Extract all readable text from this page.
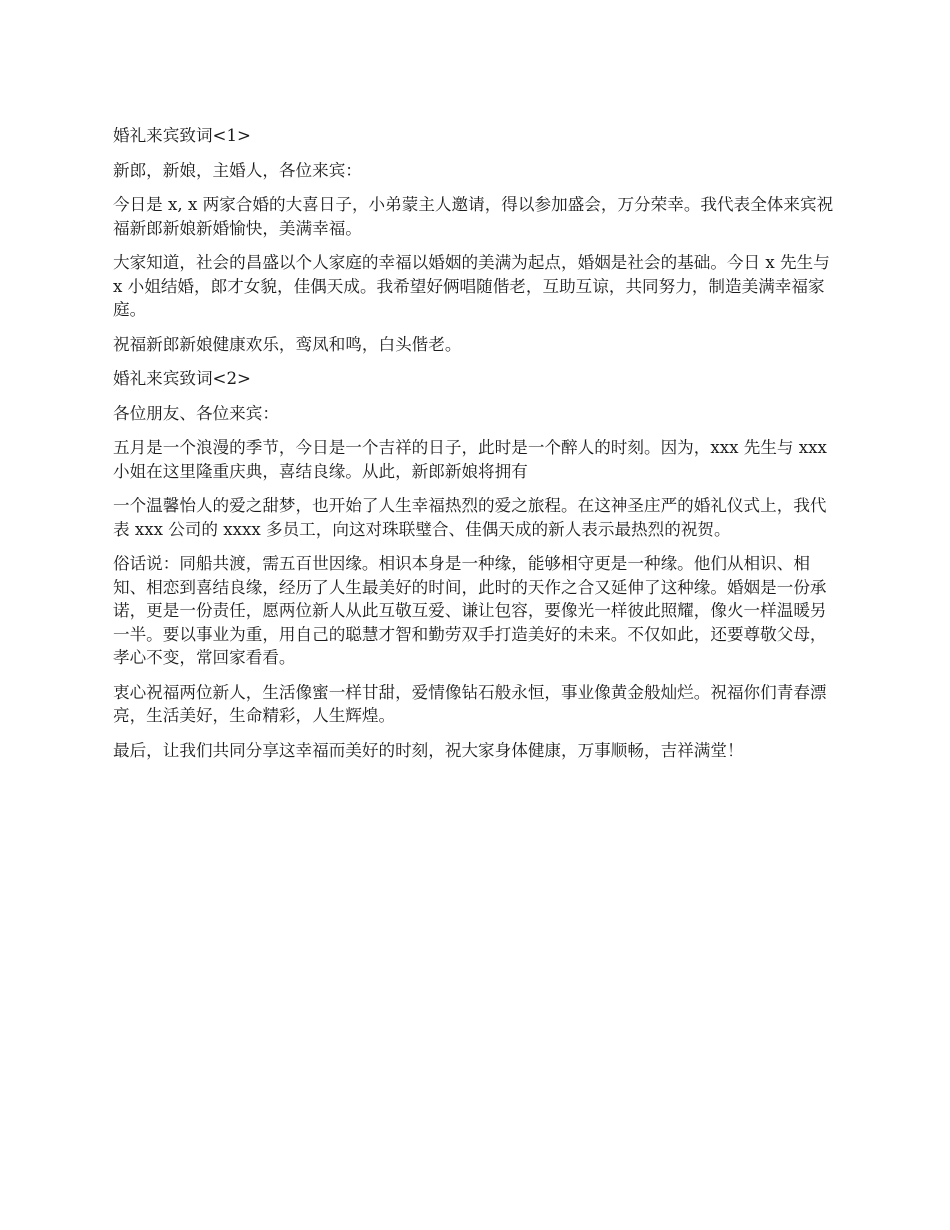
婚礼来宾致词<1>

新郎，新娘，主婚人，各位来宾：

今日是 x, x 两家合婚的大喜日子，小弟蒙主人邀请，得以参加盛会，万分荣幸。我代表全体来宾祝福新郎新娘新婚愉快，美满幸福。

大家知道，社会的昌盛以个人家庭的幸福以婚姻的美满为起点，婚姻是社会的基础。今日 x 先生与 x 小姐结婚，郎才女貌，佳偶天成。我希望好俩唱随偕老，互助互谅，共同努力，制造美满幸福家庭。

祝福新郎新娘健康欢乐，鸾凤和鸣，白头偕老。

婚礼来宾致词<2>

各位朋友、各位来宾：

五月是一个浪漫的季节，今日是一个吉祥的日子，此时是一个醉人的时刻。因为，xxx 先生与 xxx 小姐在这里隆重庆典，喜结良缘。从此，新郎新娘将拥有

一个温馨怡人的爱之甜梦，也开始了人生幸福热烈的爱之旅程。在这神圣庄严的婚礼仪式上，我代表 xxx 公司的 xxxx 多员工，向这对珠联璧合、佳偶天成的新人表示最热烈的祝贺。

俗话说：同船共渡，需五百世因缘。相识本身是一种缘，能够相守更是一种缘。他们从相识、相知、相恋到喜结良缘，经历了人生最美好的时间，此时的天作之合又延伸了这种缘。婚姻是一份承诺，更是一份责任，愿两位新人从此互敬互爱、谦让包容，要像光一样彼此照耀，像火一样温暖另一半。要以事业为重，用自己的聪慧才智和勤劳双手打造美好的未来。不仅如此，还要尊敬父母，孝心不变，常回家看看。

衷心祝福两位新人，生活像蜜一样甘甜，爱情像钻石般永恒，事业像黄金般灿烂。祝福你们青春漂亮，生活美好，生命精彩，人生辉煌。

最后，让我们共同分享这幸福而美好的时刻，祝大家身体健康，万事顺畅，吉祥满堂！
